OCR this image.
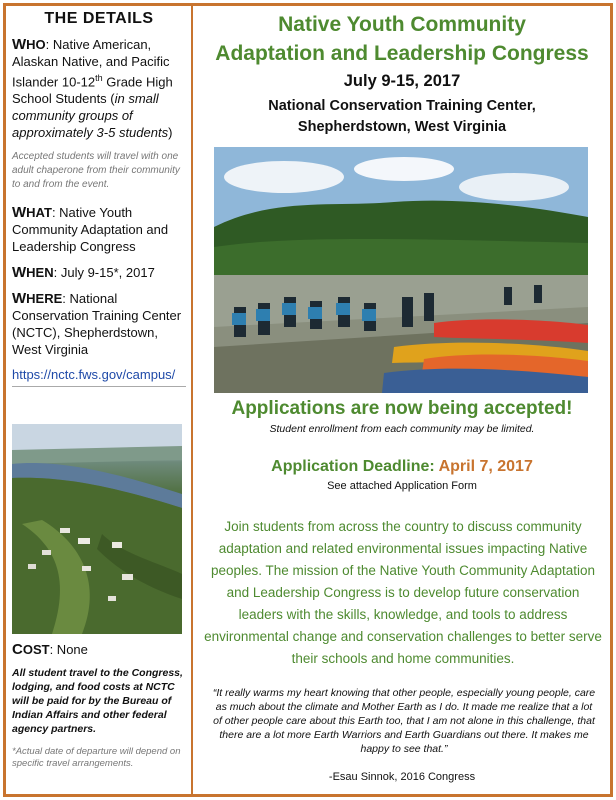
THE DETAILS
WHO: Native American, Alaskan Native, and Pacific Islander 10-12th Grade High School Students (in small community groups of approximately 3-5 students)
Accepted students will travel with one adult chaperone from their community to and from the event.
WHAT: Native Youth Community Adaptation and Leadership Congress
WHEN: July 9-15*, 2017
WHERE: National Conservation Training Center (NCTC), Shepherdstown, West Virginia
https://nctc.fws.gov/campus/
COST: None
All student travel to the Congress, lodging, and food costs at NCTC will be paid for by the Bureau of Indian Affairs and other federal agency partners.
*Actual date of departure will depend on specific travel arrangements.
Native Youth Community
Adaptation and Leadership Congress
July 9-15, 2017
National Conservation Training Center,
Shepherdstown, West Virginia
Applications are now being accepted!
Student enrollment from each community may be limited.
Application Deadline: April 7, 2017
See attached Application Form
Join students from across the country to discuss community adaptation and related environmental issues impacting Native peoples. The mission of the Native Youth Community Adaptation and Leadership Congress is to develop future conservation leaders with the skills, knowledge, and tools to address environmental change and conservation challenges to better serve their schools and home communities.
“It really warms my heart knowing that other people, especially young people, care as much about the climate and Mother Earth as I do. It made me realize that a lot of other people care about this Earth too, that I am not alone in this challenge, that there are a lot more Earth Warriors and Earth Guardians out there. It makes me happy to see that.”
-Esau Sinnok, 2016 Congress
